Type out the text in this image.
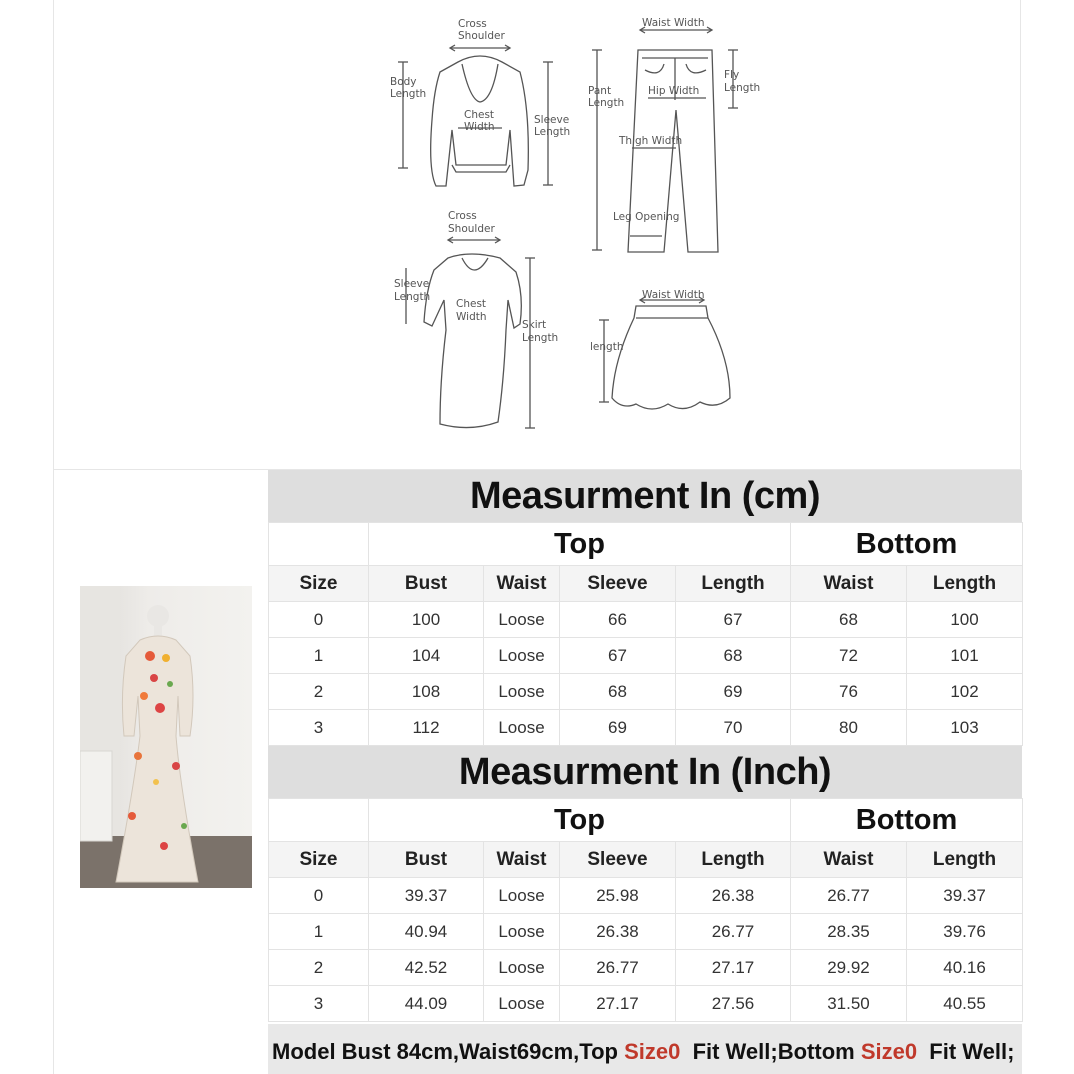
Cross
Shoulder
Body
Length
Chest
Width
Sleeve
Length
Waist Width
Pant
Length
Fly
Length
Hip Width
Thigh Width
Leg Opening
Cross
Shoulder
Sleeve
Length
Chest
Width
Skirt
Length
Waist Width
length
Measurment In (cm)
	Top				Bottom	
Size	Bust	Waist	Sleeve	Length	Waist	Length
0	100	Loose	66	67	68	100
1	104	Loose	67	68	72	101
2	108	Loose	68	69	76	102
3	112	Loose	69	70	80	103
Measurment In (Inch)
	Top				Bottom	
Size	Bust	Waist	Sleeve	Length	Waist	Length
0	39.37	Loose	25.98	26.38	26.77	39.37
1	40.94	Loose	26.38	26.77	28.35	39.76
2	42.52	Loose	26.77	27.17	29.92	40.16
3	44.09	Loose	27.17	27.56	31.50	40.55
Model Bust 84cm,Waist69cm,Top Size0  Fit Well;Bottom Size0  Fit Well;
